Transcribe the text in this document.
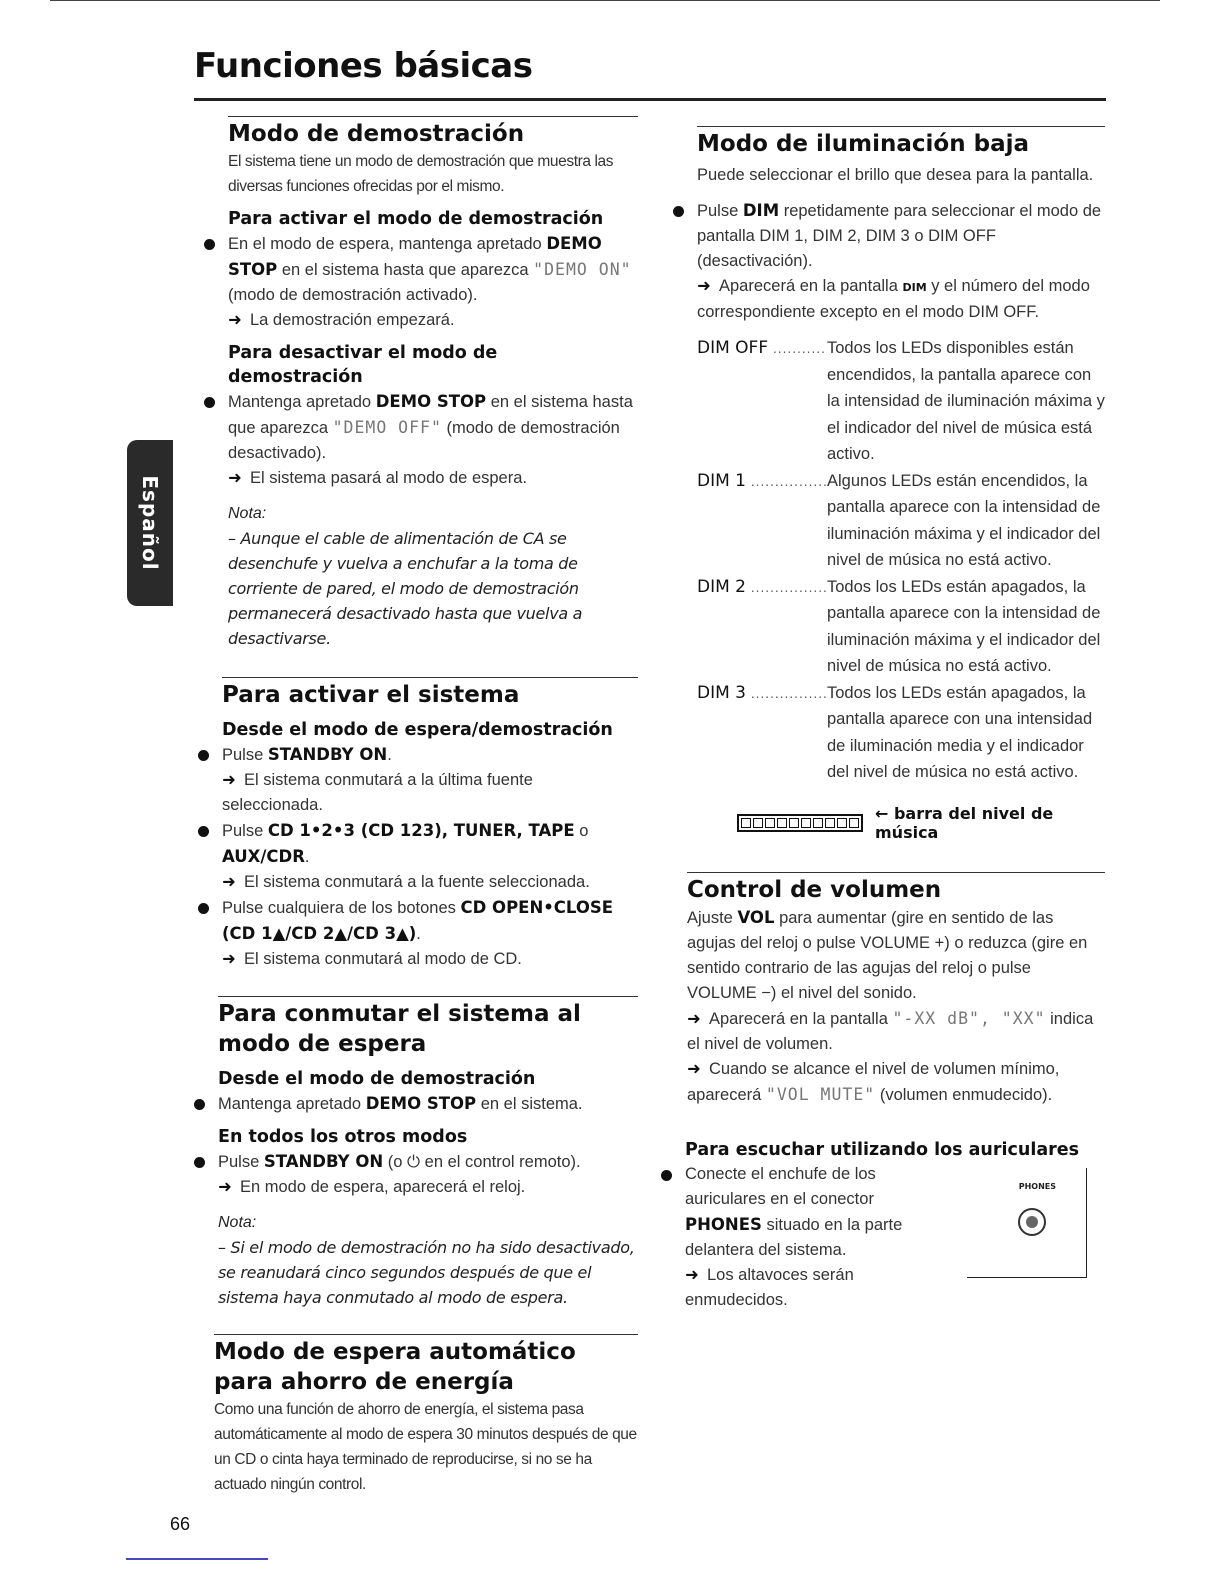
Funciones básicas
Español
Modo de demostración

El sistema tiene un modo de demostración que muestra las diversas funciones ofrecidas por el mismo.

Para activar el modo de demostración

En el modo de espera, mantenga apretado DEMO STOP en el sistema hasta que aparezca "DEMO ON" (modo de demostración activado).

➜ La demostración empezará.

Para desactivar el modo de demostración

Mantenga apretado DEMO STOP en el sistema hasta que aparezca "DEMO OFF" (modo de demostración desactivado).

➜ El sistema pasará al modo de espera.

Nota:

– Aunque el cable de alimentación de CA se desenchufe y vuelva a enchufar a la toma de corriente de pared, el modo de demostración permanecerá desactivado hasta que vuelva a desactivarse.

Para activar el sistema
Desde el modo de espera/demostración

Pulse STANDBY ON.

➜ El sistema conmutará a la última fuente seleccionada.

Pulse CD 1•2•3 (CD 123), TUNER, TAPE o AUX/CDR.

➜ El sistema conmutará a la fuente seleccionada.

Pulse cualquiera de los botones CD OPEN•CLOSE (CD 1▲/CD 2▲/CD 3▲).

➜ El sistema conmutará al modo de CD.

Para conmutar el sistema al modo de espera
Desde el modo de demostración

Mantenga apretado DEMO STOP en el sistema.

En todos los otros modos

Pulse STANDBY ON (o ⏻ en el control remoto).

➜ En modo de espera, aparecerá el reloj.

Nota:

– Si el modo de demostración no ha sido desactivado, se reanudará cinco segundos después de que el sistema haya conmutado al modo de espera.

Modo de espera automático para ahorro de energía

Como una función de ahorro de energía, el sistema pasa automáticamente al modo de espera 30 minutos después de que un CD o cinta haya terminado de reproducirse, si no se ha actuado ningún control.

Modo de iluminación baja

Puede seleccionar el brillo que desea para la pantalla.

Pulse DIM repetidamente para seleccionar el modo de pantalla DIM 1, DIM 2, DIM 3 o DIM OFF (desactivación).

➜ Aparecerá en la pantalla DIM y el número del modo correspondiente excepto en el modo DIM OFF.

DIM OFF .....	Todos los LEDs disponibles están encendidos, la pantalla aparece con la intensidad de iluminación máxima y el indicador del nivel de música está activo.
DIM 1 .....	Algunos LEDs están encendidos, la pantalla aparece con la intensidad de iluminación máxima y el indicador del nivel de música no está activo.
DIM 2 .....	Todos los LEDs están apagados, la pantalla aparece con la intensidad de iluminación máxima y el indicador del nivel de música no está activo.
DIM 3 .....	Todos los LEDs están apagados, la pantalla aparece con una intensidad de iluminación media y el indicador del nivel de música no está activo.
← barra del nivel de música
Control de volumen

Ajuste VOL para aumentar (gire en sentido de las agujas del reloj o pulse VOLUME +) o reduzca (gire en sentido contrario de las agujas del reloj o pulse VOLUME −) el nivel del sonido.

➜ Aparecerá en la pantalla "-XX dB", "XX" indica el nivel de volumen.

➜ Cuando se alcance el nivel de volumen mínimo, aparecerá "VOL MUTE" (volumen enmudecido).

Para escuchar utilizando los auriculares

Conecte el enchufe de los auriculares en el conector PHONES situado en la parte delantera del sistema.

➜ Los altavoces serán enmudecidos.

PHONES
66
